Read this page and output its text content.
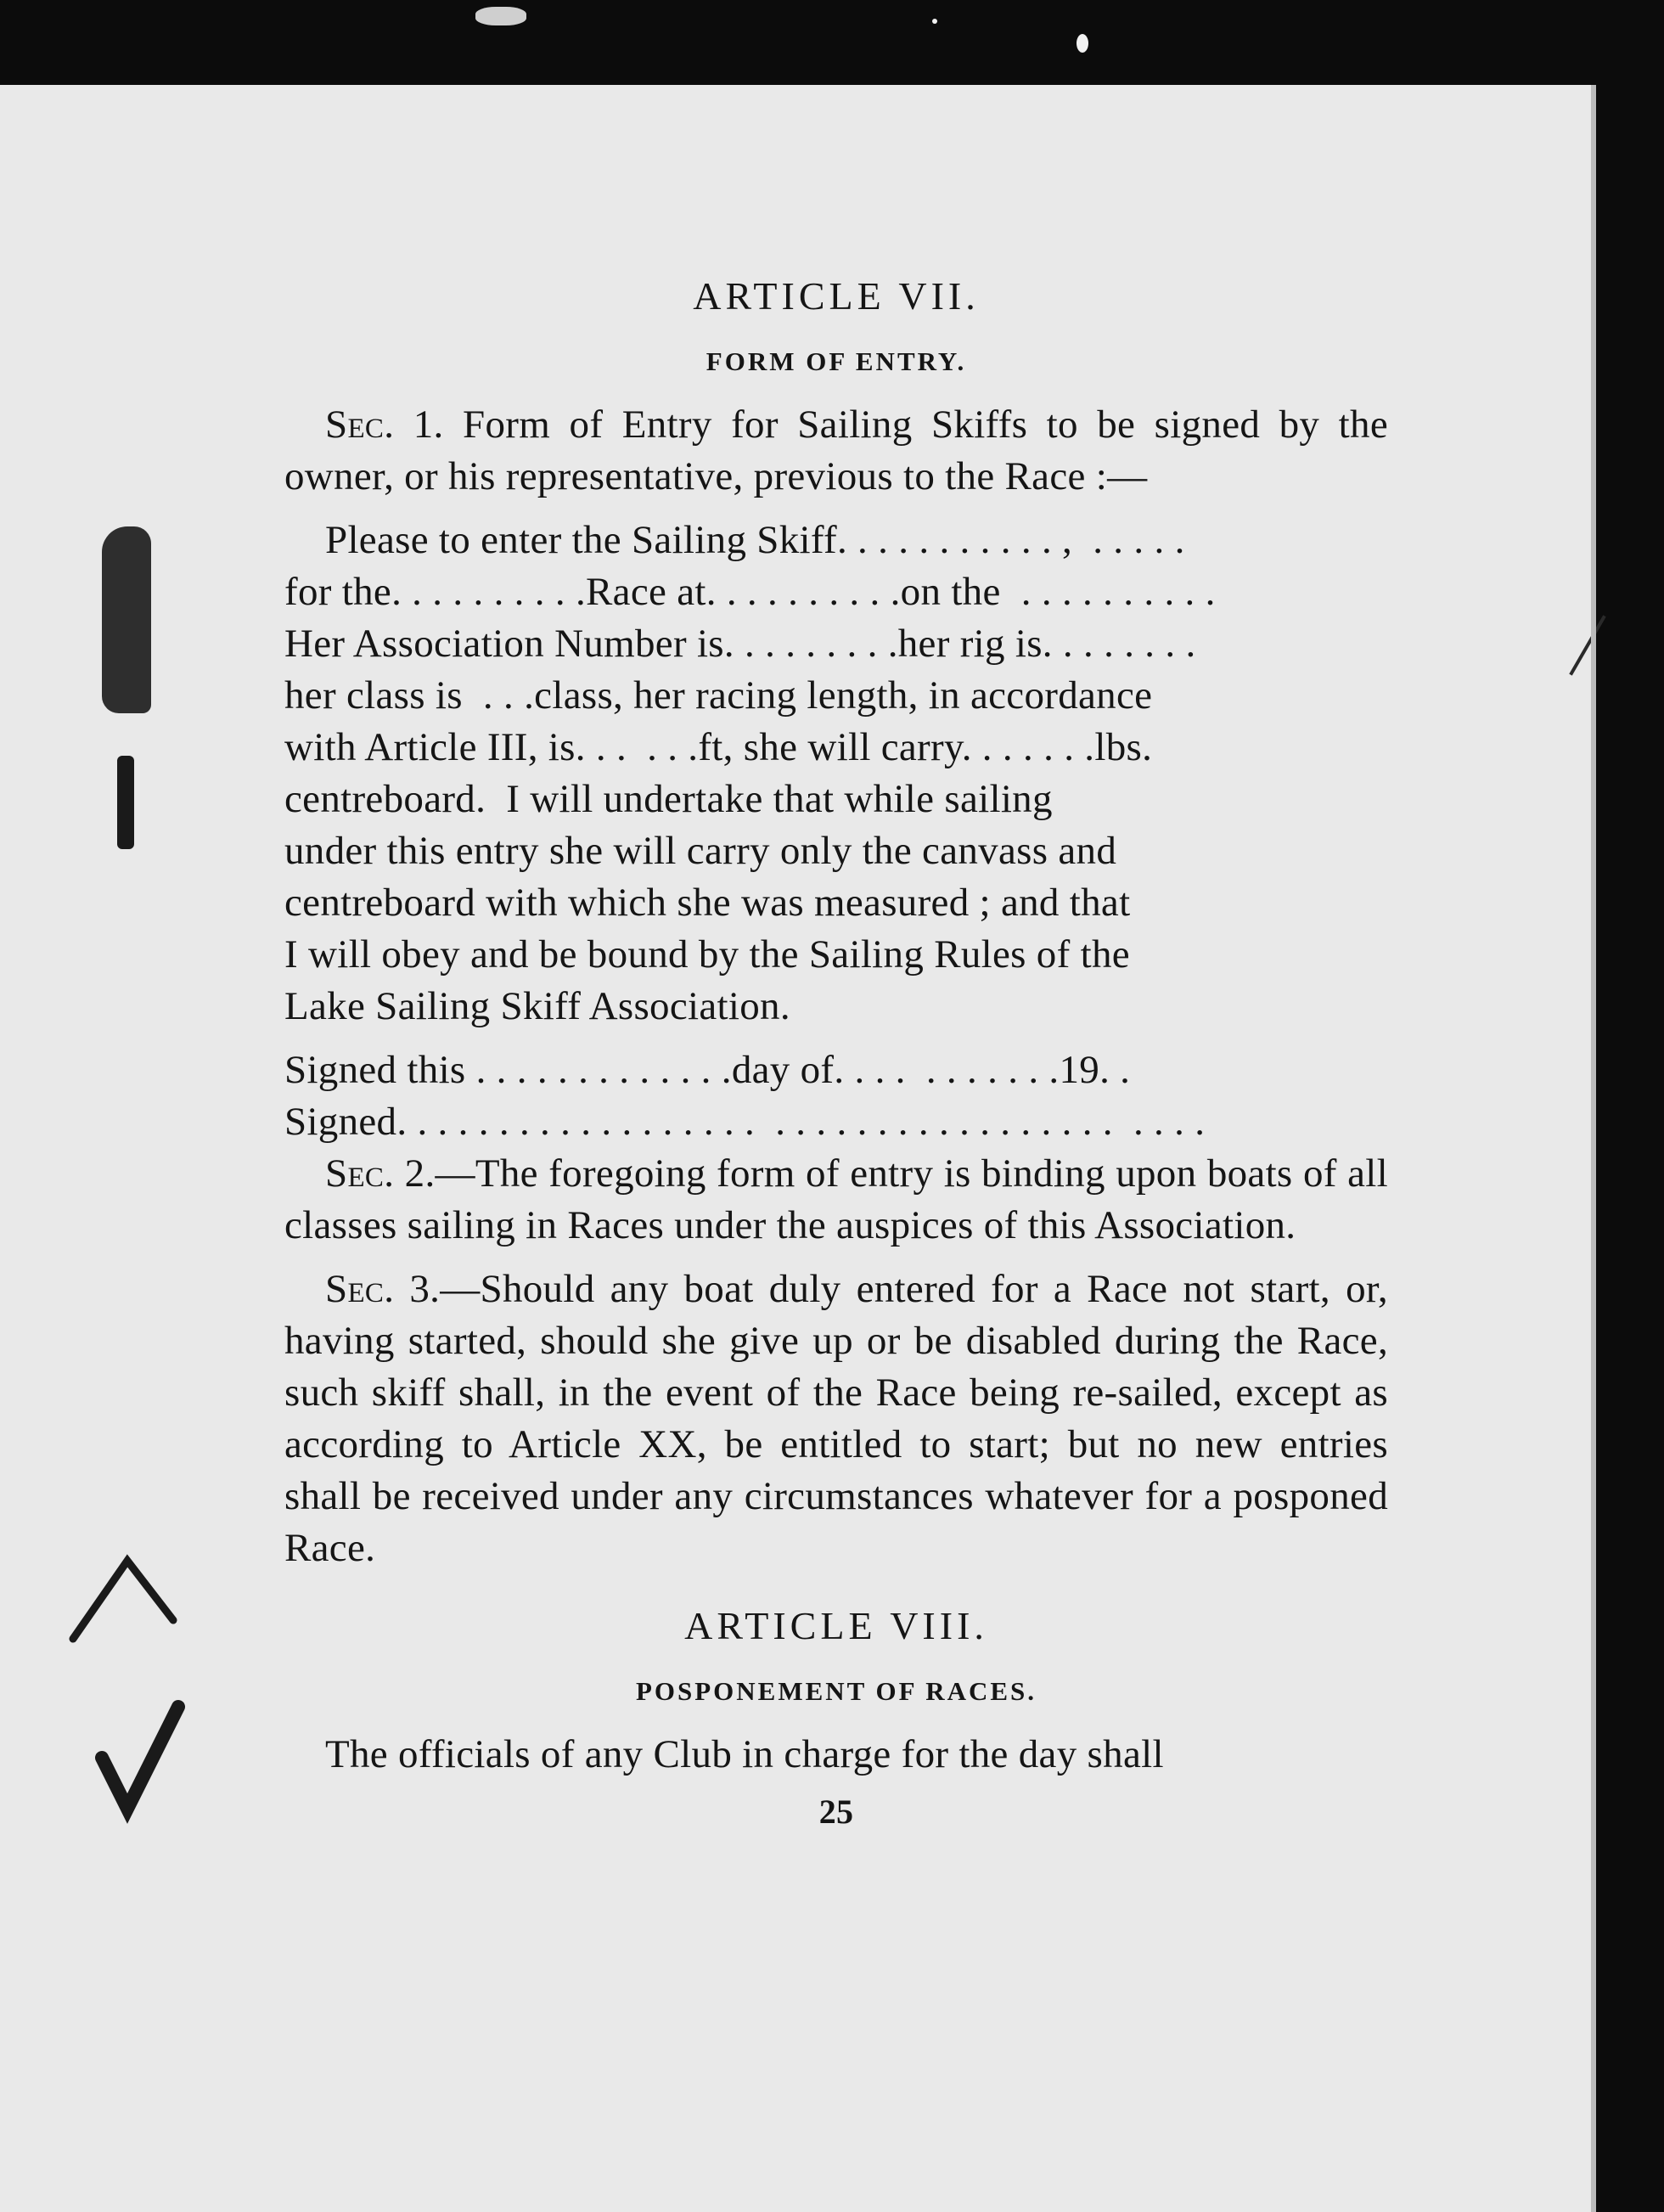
ARTICLE VII.
FORM OF ENTRY.

Sec. 1. Form of Entry for Sailing Skiffs to be signed by the owner, or his representative, previous to the Race :—

Please to enter the Sailing Skiff. . . . . . . . . . . ,  . . . . .

for the. . . . . . . . . .Race at. . . . . . . . . .on the  . . . . . . . . . .

Her Association Number is. . . . . . . . .her rig is. . . . . . . .

her class is  . . .class, her racing length, in accordance

with Article III, is. . .  . . .ft, she will carry. . . . . . .lbs.

centreboard.  I will undertake that while sailing

under this entry she will carry only the canvass and

centreboard with which she was measured ; and that

I will obey and be bound by the Sailing Rules of the

Lake Sailing Skiff Association.

Signed this . . . . . . . . . . . . .day of. . . .  . . . . . . .19. .

Signed. . . . . . . . . . . . . . . . . .  . . . . . . . . . . . . . . . . .  . . . .

Sec. 2.—The foregoing form of entry is binding upon boats of all classes sailing in Races under the auspices of this Association.

Sec. 3.—Should any boat duly entered for a Race not start, or, having started, should she give up or be disabled during the Race, such skiff shall, in the event of the Race being re-sailed, except as according to Article XX, be entitled to start; but no new entries shall be received under any circumstances whatever for a posponed Race.

ARTICLE VIII.
POSPONEMENT OF RACES.

The officials of any Club in charge for the day shall

25
